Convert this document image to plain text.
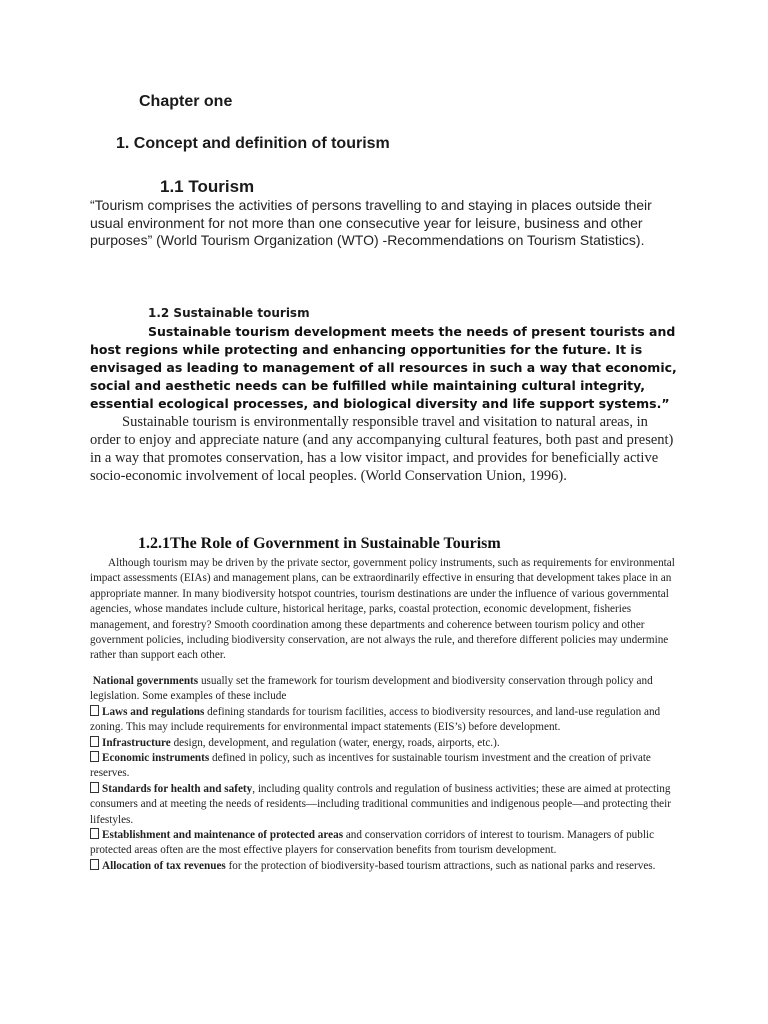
Chapter one
1. Concept and definition of tourism
1.1 Tourism
“Tourism comprises the activities of persons travelling to and staying in places outside their usual environment for not more than one consecutive year for leisure, business and other purposes” (World Tourism Organization (WTO) -Recommendations on Tourism Statistics).
1.2 Sustainable tourism
Sustainable tourism development meets the needs of present tourists and host regions while protecting and enhancing opportunities for the future. It is envisaged as leading to management of all resources in such a way that economic, social and aesthetic needs can be fulfilled while maintaining cultural integrity, essential ecological processes, and biological diversity and life support systems.”
Sustainable tourism is environmentally responsible travel and visitation to natural areas, in order to enjoy and appreciate nature (and any accompanying cultural features, both past and present) in a way that promotes conservation, has a low visitor impact, and provides for beneficially active socio-economic involvement of local peoples. (World Conservation Union, 1996).
1.2.1The Role of Government in Sustainable Tourism
Although tourism may be driven by the private sector, government policy instruments, such as requirements for environmental impact assessments (EIAs) and management plans, can be extraordinarily effective in ensuring that development takes place in an appropriate manner. In many biodiversity hotspot countries, tourism destinations are under the influence of various governmental agencies, whose mandates include culture, historical heritage, parks, coastal protection, economic development, fisheries management, and forestry? Smooth coordination among these departments and coherence between tourism policy and other government policies, including biodiversity conservation, are not always the rule, and therefore different policies may undermine rather than support each other.
National governments usually set the framework for tourism development and biodiversity conservation through policy and legislation. Some examples of these include
Laws and regulations defining standards for tourism facilities, access to biodiversity resources, and land-use regulation and zoning. This may include requirements for environmental impact statements (EIS’s) before development.
Infrastructure design, development, and regulation (water, energy, roads, airports, etc.).
Economic instruments defined in policy, such as incentives for sustainable tourism investment and the creation of private reserves.
Standards for health and safety, including quality controls and regulation of business activities; these are aimed at protecting consumers and at meeting the needs of residents—including traditional communities and indigenous people—and protecting their lifestyles.
Establishment and maintenance of protected areas and conservation corridors of interest to tourism. Managers of public protected areas often are the most effective players for conservation benefits from tourism development.
Allocation of tax revenues for the protection of biodiversity-based tourism attractions, such as national parks and reserves.
